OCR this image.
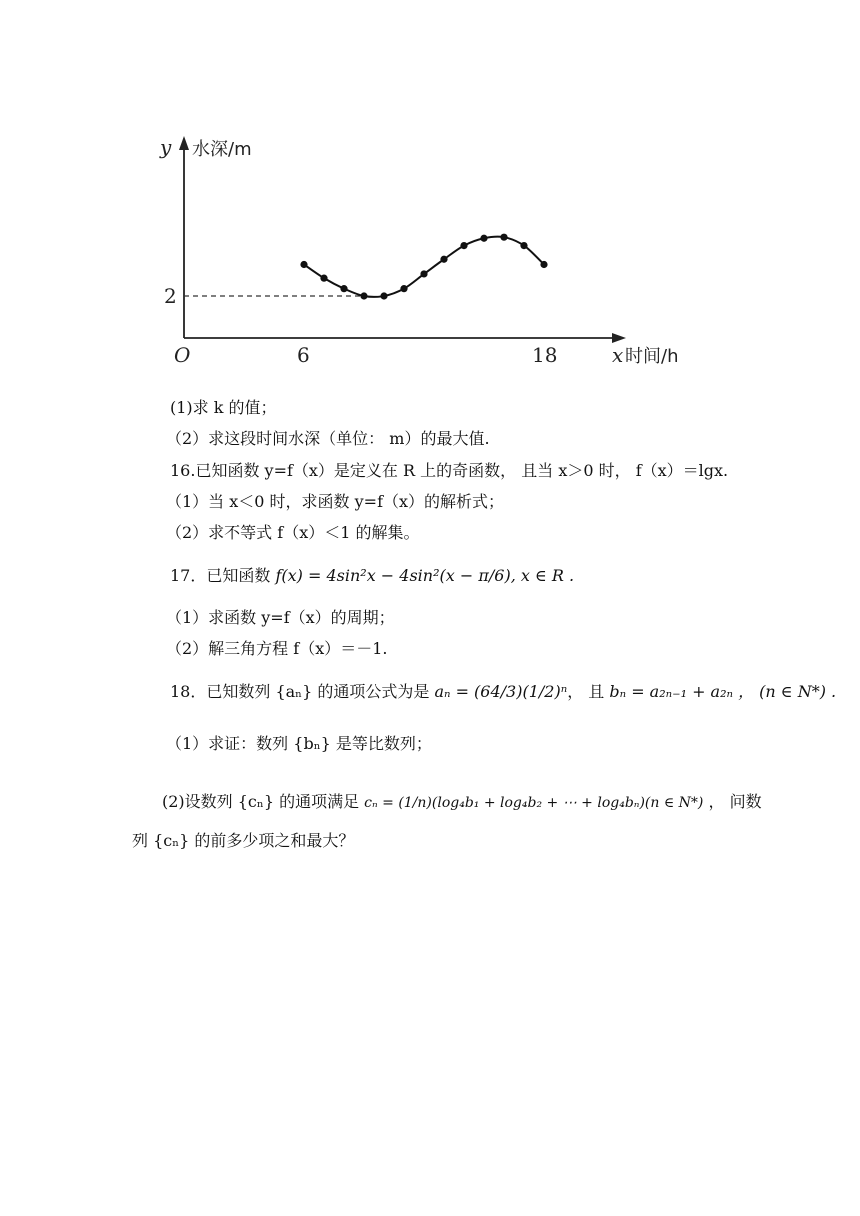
y 水深/m
O	6	18
2
x 时间/h
(1)求 k 的值；
（2）求这段时间水深（单位： m）的最大值.
16.已知函数 y=f（x）是定义在 R 上的奇函数， 且当 x＞0 时， f（x）＝lgx.
（1）当 x＜0 时，求函数 y=f（x）的解析式；
（2）求不等式 f（x）＜1 的解集。
17．已知函数 f(x) = 4sin²x − 4sin²(x − π/6), x ∈ R .
（1）求函数 y=f（x）的周期；
（2）解三角方程 f（x）＝－1.
18．已知数列 {aₙ} 的通项公式为是 aₙ = (64/3)(1/2)ⁿ， 且 bₙ = a₂ₙ₋₁ + a₂ₙ ， (n ∈ N*) .
（1）求证：数列 {bₙ} 是等比数列；
(2)设数列 {cₙ} 的通项满足 cₙ = (1/n)(log₄b₁ + log₄b₂ + ⋯ + log₄bₙ)(n ∈ N*) ， 问数
列 {cₙ} 的前多少项之和最大？
